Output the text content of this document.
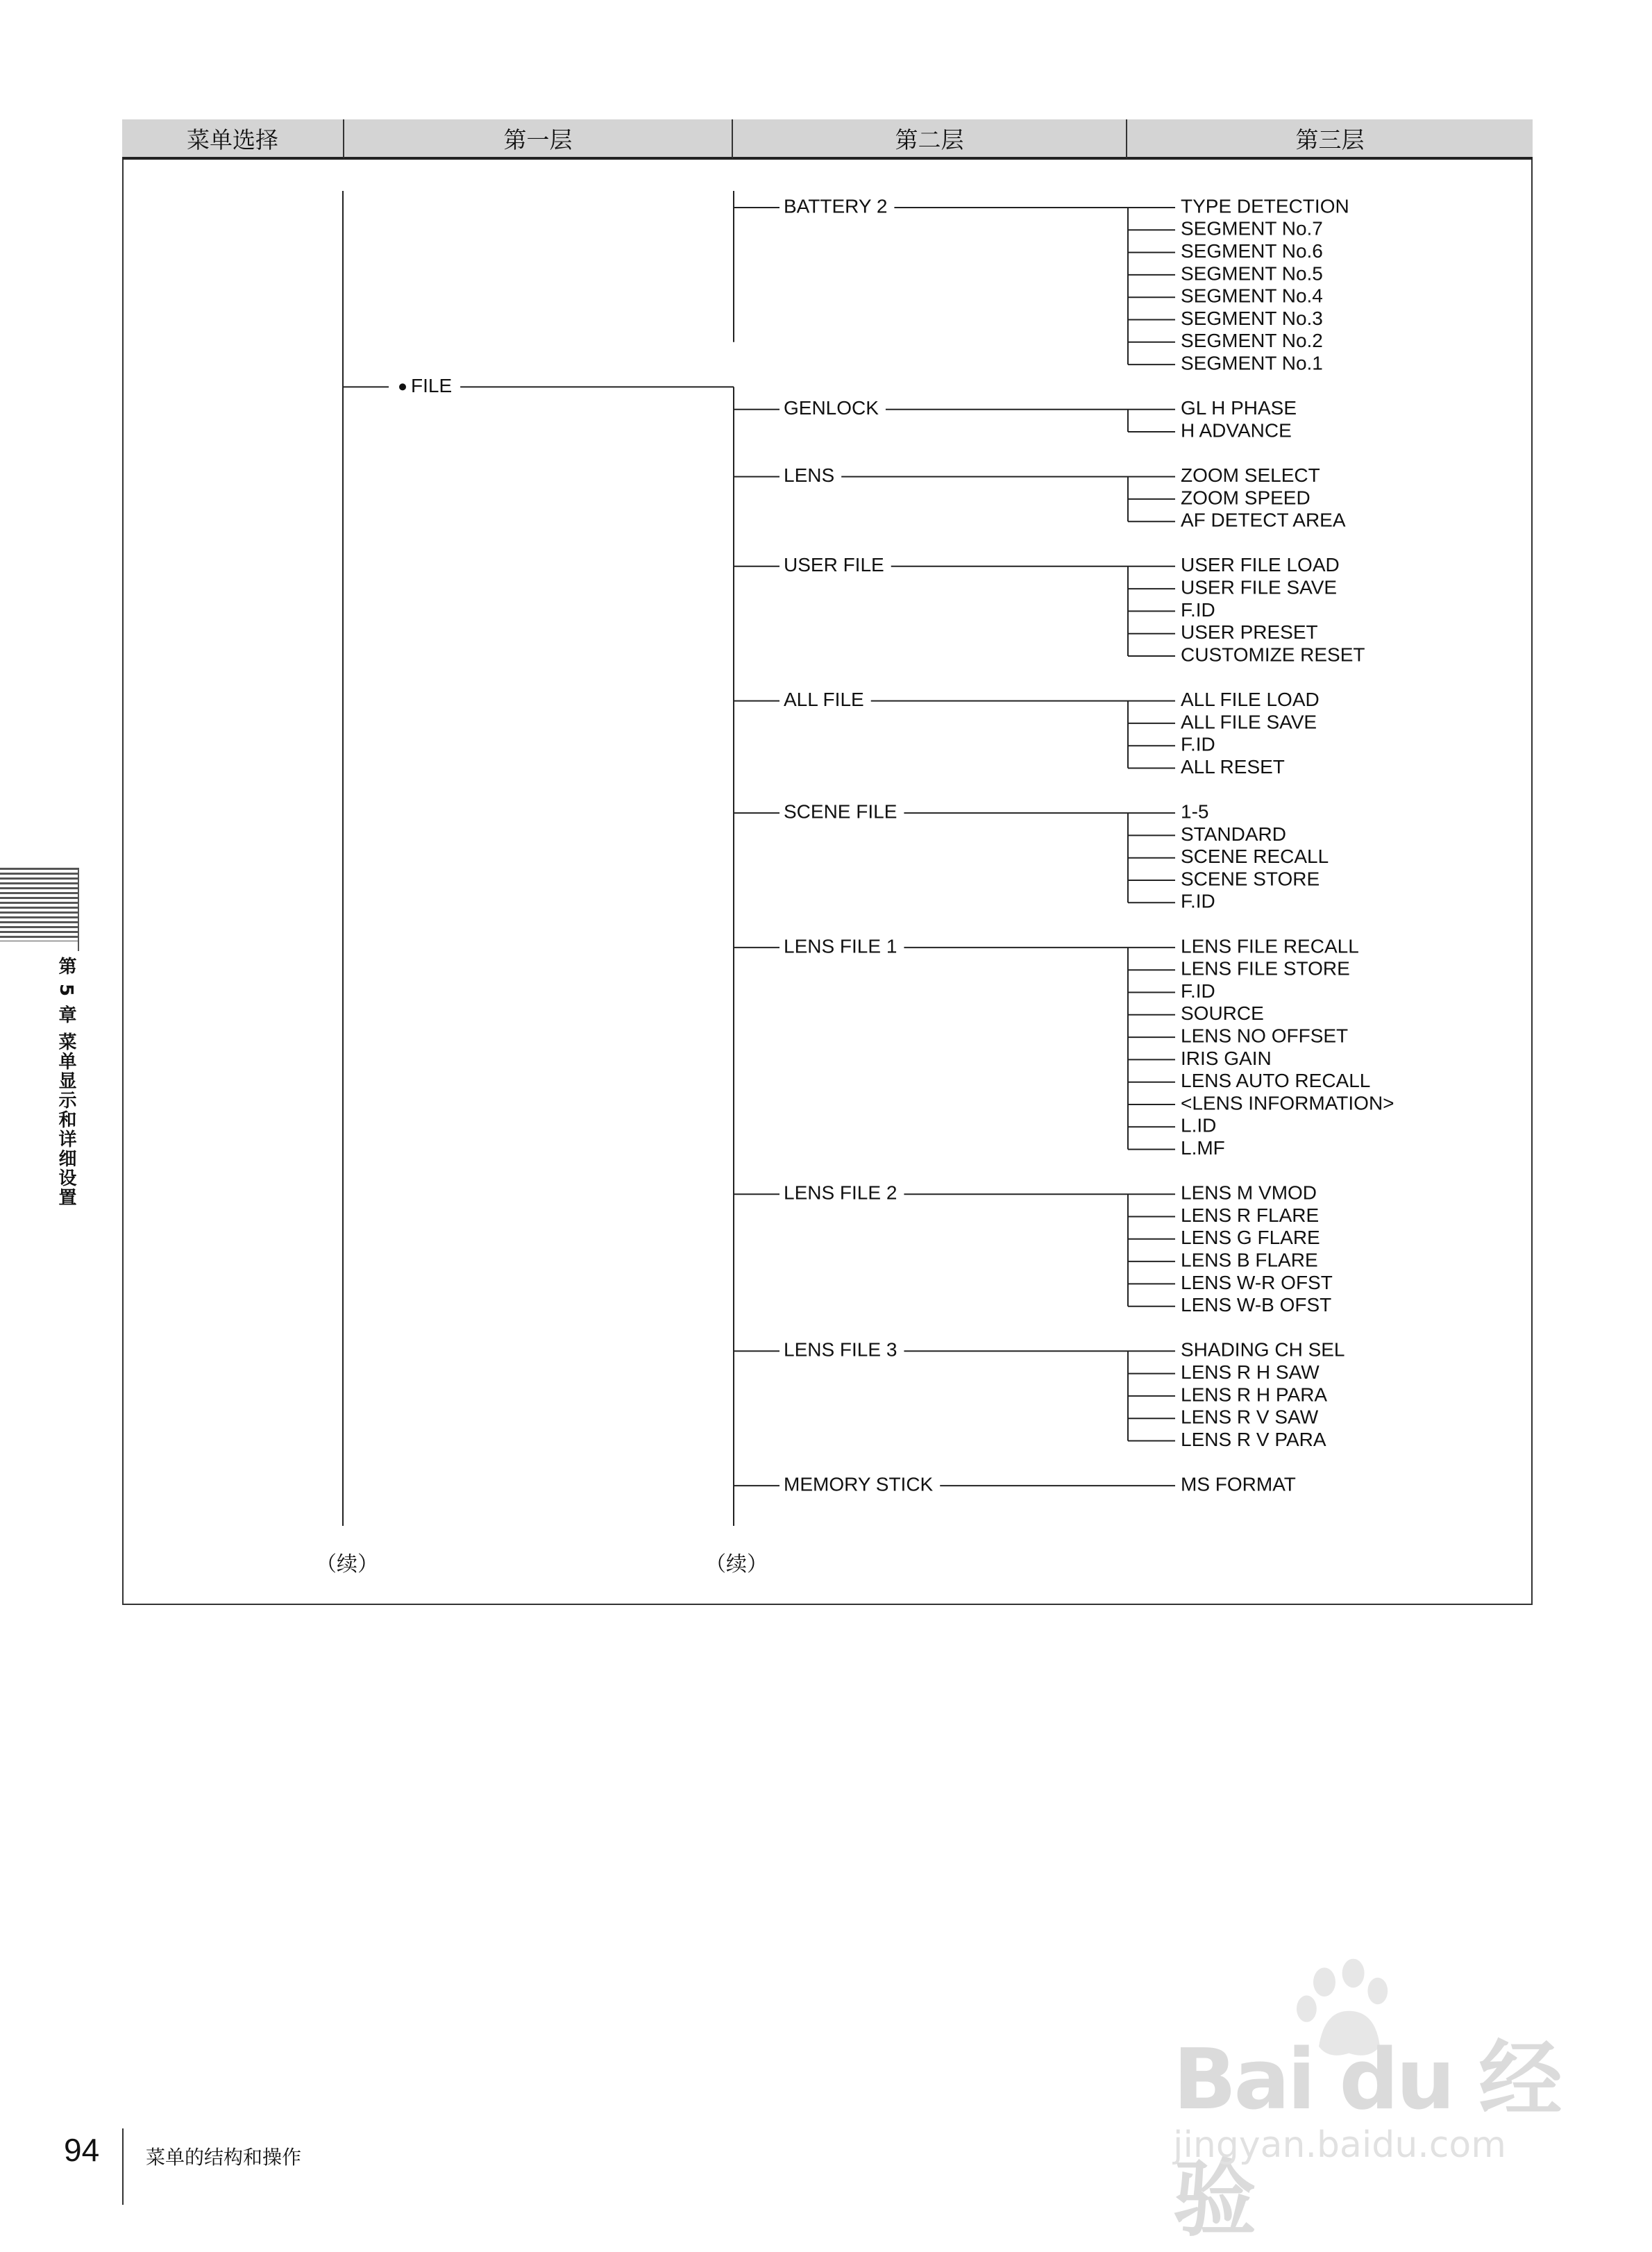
菜单选择	第一层	第二层	第三层
FILE
BATTERY 2	TYPE DETECTION
SEGMENT No.7
SEGMENT No.6
SEGMENT No.5
SEGMENT No.4
SEGMENT No.3
SEGMENT No.2
SEGMENT No.1
GENLOCK	GL H PHASE
H ADVANCE
LENS	ZOOM SELECT
ZOOM SPEED
AF DETECT AREA
USER FILE	USER FILE LOAD
USER FILE SAVE
F.ID
USER PRESET
CUSTOMIZE RESET
ALL FILE	ALL FILE LOAD
ALL FILE SAVE
F.ID
ALL RESET
SCENE FILE	1-5
STANDARD
SCENE RECALL
SCENE STORE
F.ID
LENS FILE 1	LENS FILE RECALL
LENS FILE STORE
F.ID
SOURCE
LENS NO OFFSET
IRIS GAIN
LENS AUTO RECALL
<LENS INFORMATION>
L.ID
L.MF
LENS FILE 2	LENS M VMOD
LENS R FLARE
LENS G FLARE
LENS B FLARE
LENS W-R OFST
LENS W-B OFST
LENS FILE 3	SHADING CH SEL
LENS R H SAW
LENS R H PARA
LENS R V SAW
LENS R V PARA
MEMORY STICK	MS FORMAT
（续）	（续）
第 5 章 菜单显示和详细设置
94 菜单的结构和操作
Bai du 经验
jingyan.baidu.com
